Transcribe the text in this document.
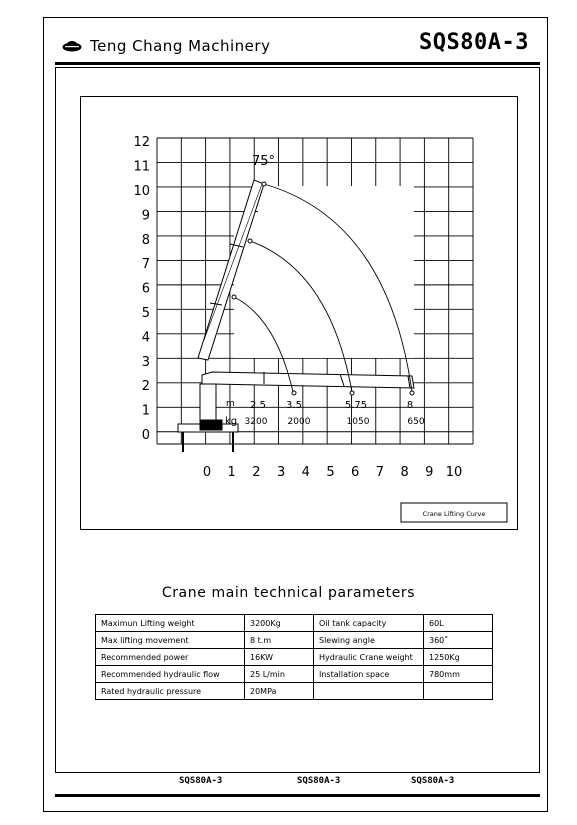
Teng Chang Machinery	SQS80A-3
0
1
2
3
4
5
6
7
8
9
10
11
12
0 1 2 3 4 5 6 7 8 9 10
75°
m
kg
2.5 3.5	5.75	8
3200 2000	1050	650
Crane Lifting Curve
Crane main technical parameters
Maximun Lifting weight	3200Kg	Oil tank capacity	60L
Max lifting movement	8 t.m	Slewing angle	360˚
Recommended power	16KW	Hydraulic Crane weight	1250Kg
Recommended hydraulic flow	25 L/min	Installation space	780mm
Rated hydraulic pressure	20MPa		
SQS80A-3	SQS80A-3	SQS80A-3
